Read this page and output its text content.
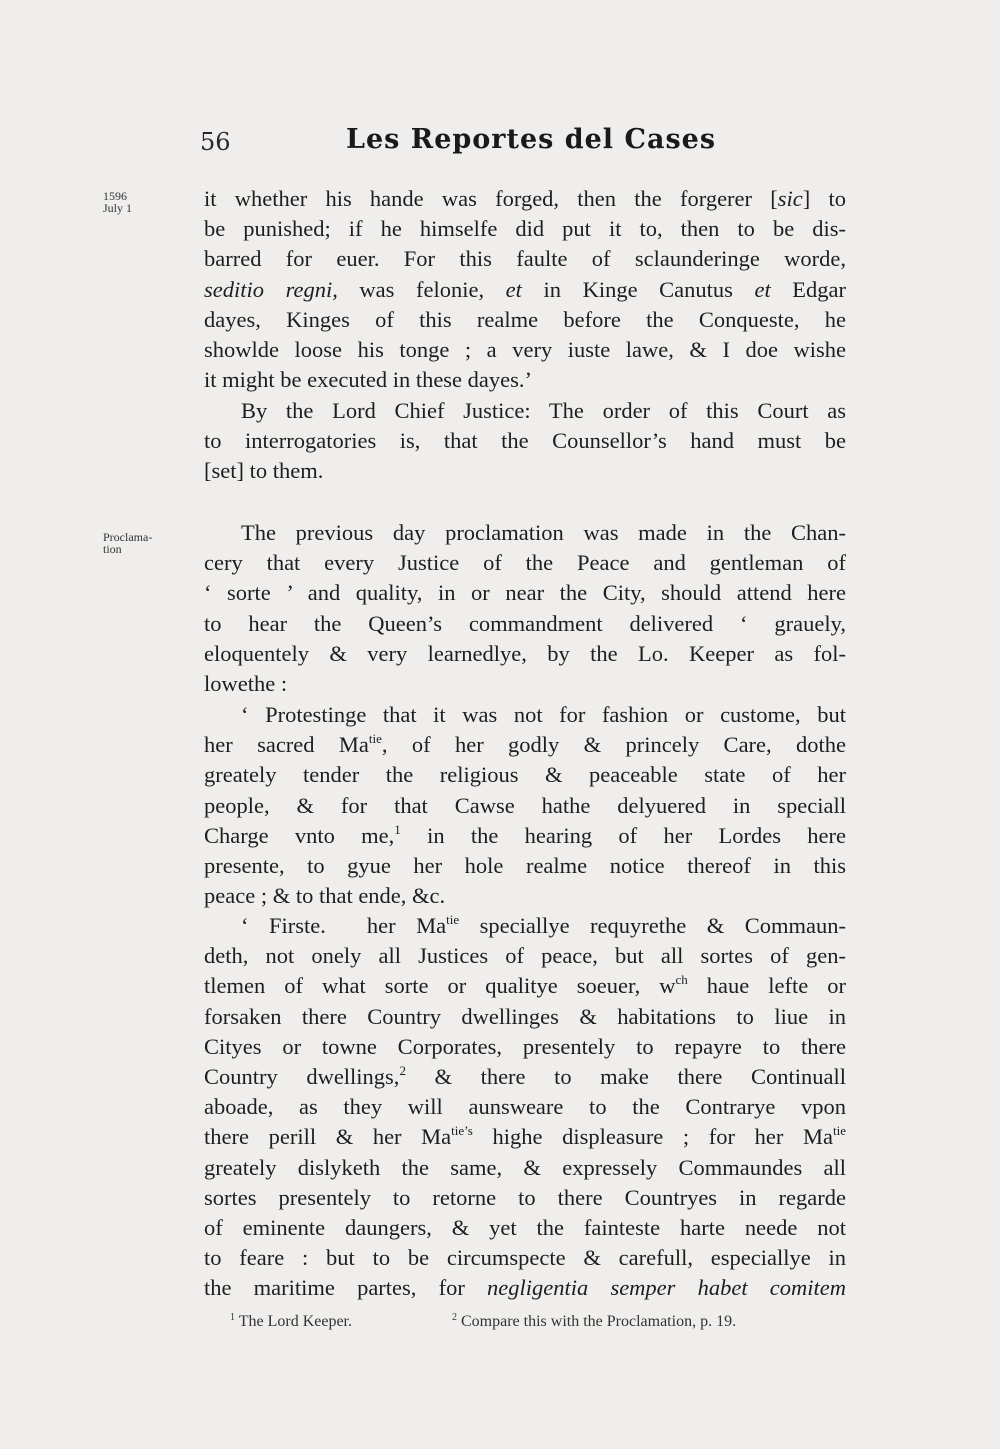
56	Les Reportes del Cases
1596
July 1
Proclama-
tion
it whether his hande was forged, then the forgerer [sic] to
be punished; if he himselfe did put it to, then to be dis-
barred for euer. For this faulte of sclaunderinge worde,
seditio regni, was felonie, et in Kinge Canutus et Edgar
dayes, Kinges of this realme before the Conqueste, he
showlde loose his tonge ; a very iuste lawe, & I doe wishe
it might be executed in these dayes.’
By the Lord Chief Justice: The order of this Court as
to interrogatories is, that the Counsellor’s hand must be
[set] to them.
The previous day proclamation was made in the Chan-
cery that every Justice of the Peace and gentleman of
‘ sorte ’ and quality, in or near the City, should attend here
to hear the Queen’s commandment delivered ‘ grauely,
eloquentely & very learnedlye, by the Lo. Keeper as fol-
lowethe :
‘ Protestinge that it was not for fashion or custome, but
her sacred $Ma^{tie}$, of her godly & princely Care, dothe
greately tender the religious & peaceable state of her
people, & for that Cawse hathe delyuered in speciall
Charge vnto me,$^1$ in the hearing of her Lordes here
presente, to gyue her hole realme notice thereof in this
peace ; & to that ende, &c.
‘ Firste.  her $Ma^{tie}$ speciallye requyrethe & Commaun-
deth, not onely all Justices of peace, but all sortes of gen-
tlemen of what sorte or qualitye soeuer, $w^{ch}$ haue lefte or
forsaken there Country dwellinges & habitations to liue in
Cityes or towne Corporates, presentely to repayre to there
Country dwellings,$^2$ & there to make there Continuall
aboade, as they will aunsweare to the Contrarye vpon
there perill & her $Ma^{tie’s}$ highe displeasure ; for her $Ma^{tie}$
greately dislyketh the same, & expressely Commaundes all
sortes presentely to retorne to there Countryes in regarde
of eminente daungers, & yet the fainteste harte neede not
to feare : but to be circumspecte & carefull, especiallye in
the maritime partes, for negligentia semper habet comitem
$^1$ The Lord Keeper.	$^2$ Compare this with the Proclamation, p. 19.
